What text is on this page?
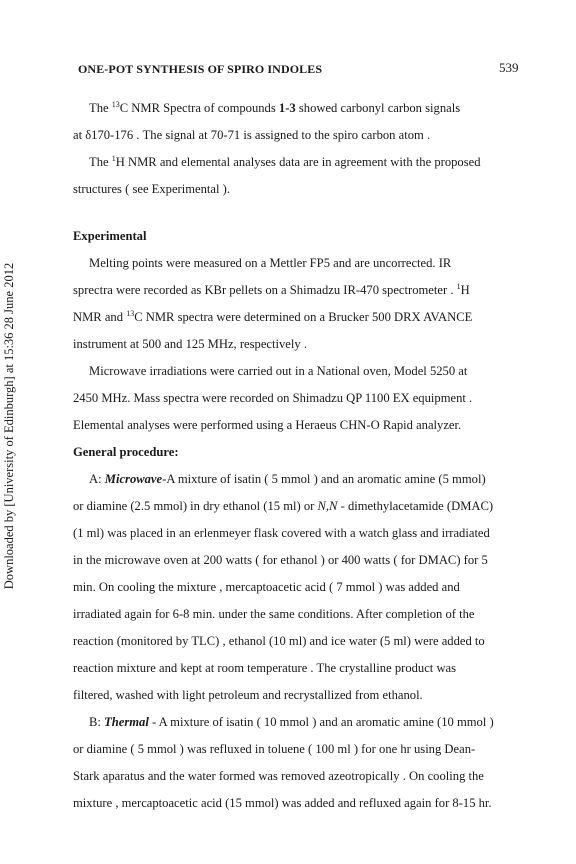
ONE-POT SYNTHESIS OF SPIRO INDOLES	539
Downloaded by [University of Edinburgh] at 15:36 28 June 2012
The $^{13}$C NMR Spectra of compounds 1-3 showed carbonyl carbon signals
at δ170-176 . The signal at 70-71 is assigned to the spiro carbon atom .
The $^1$H NMR and elemental analyses data are in agreement with the proposed
structures ( see Experimental ).
Experimental
Melting points were measured on a Mettler FP5 and are uncorrected. IR
sprectra were recorded as KBr pellets on a Shimadzu IR-470 spectrometer . $^1$H
NMR and $^{13}$C NMR spectra were determined on a Brucker 500 DRX AVANCE
instrument at 500 and 125 MHz, respectively .
Microwave irradiations were carried out in a National oven, Model 5250 at
2450 MHz. Mass spectra were recorded on Shimadzu QP 1100 EX equipment .
Elemental analyses were performed using a Heraeus CHN-O Rapid analyzer.
General procedure:
A: Microwave-A mixture of isatin ( 5 mmol ) and an aromatic amine (5 mmol)
or diamine (2.5 mmol) in dry ethanol (15 ml) or N,N - dimethylacetamide (DMAC)
(1 ml) was placed in an erlenmeyer flask covered with a watch glass and irradiated
in the microwave oven at 200 watts ( for ethanol ) or 400 watts ( for DMAC) for 5
min. On cooling the mixture , mercaptoacetic acid ( 7 mmol ) was added and
irradiated again for 6-8 min. under the same conditions. After completion of the
reaction (monitored by TLC) , ethanol (10 ml) and ice water (5 ml) were added to
reaction mixture and kept at room temperature . The crystalline product was
filtered, washed with light petroleum and recrystallized from ethanol.
B: Thermal - A mixture of isatin ( 10 mmol ) and an aromatic amine (10 mmol )
or diamine ( 5 mmol ) was refluxed in toluene ( 100 ml ) for one hr using Dean-
Stark aparatus and the water formed was removed azeotropically . On cooling the
mixture , mercaptoacetic acid (15 mmol) was added and refluxed again for 8-15 hr.
